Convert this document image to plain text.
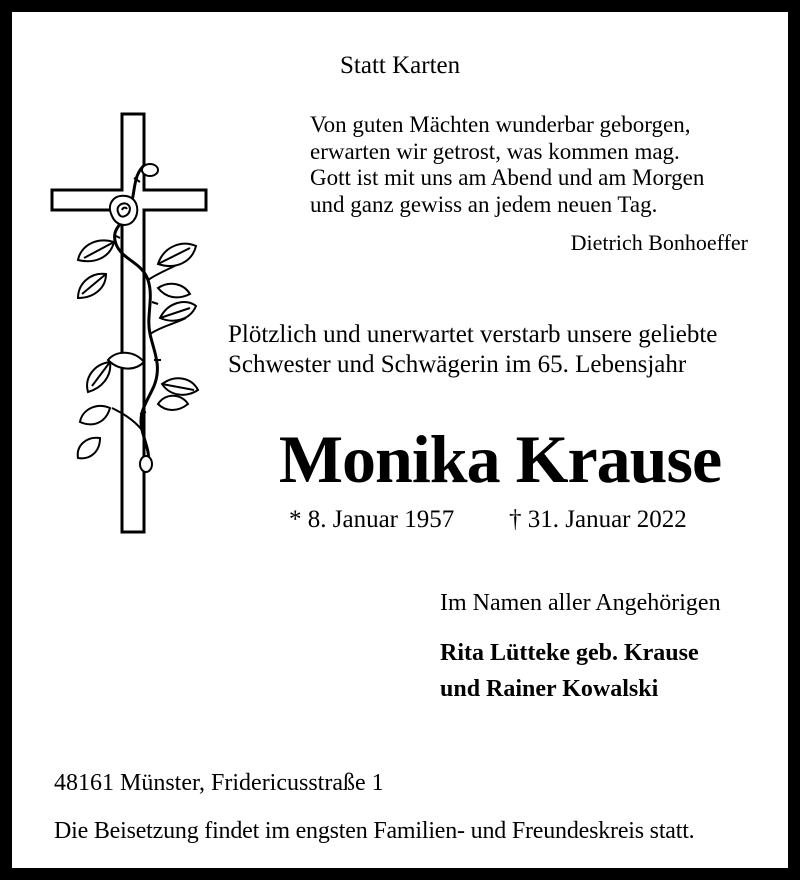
Statt Karten
Von guten Mächten wunderbar geborgen,
erwarten wir getrost, was kommen mag.
Gott ist mit uns am Abend und am Morgen
und ganz gewiss an jedem neuen Tag.
Dietrich Bonhoeffer
Plötzlich und unerwartet verstarb unsere geliebte
Schwester und Schwägerin im 65. Lebensjahr
Monika Krause
* 8. Januar 1957 † 31. Januar 2022
Im Namen aller Angehörigen
Rita Lütteke geb. Krause
und Rainer Kowalski
48161 Münster, Fridericusstraße 1
Die Beisetzung findet im engsten Familien- und Freundeskreis statt.
